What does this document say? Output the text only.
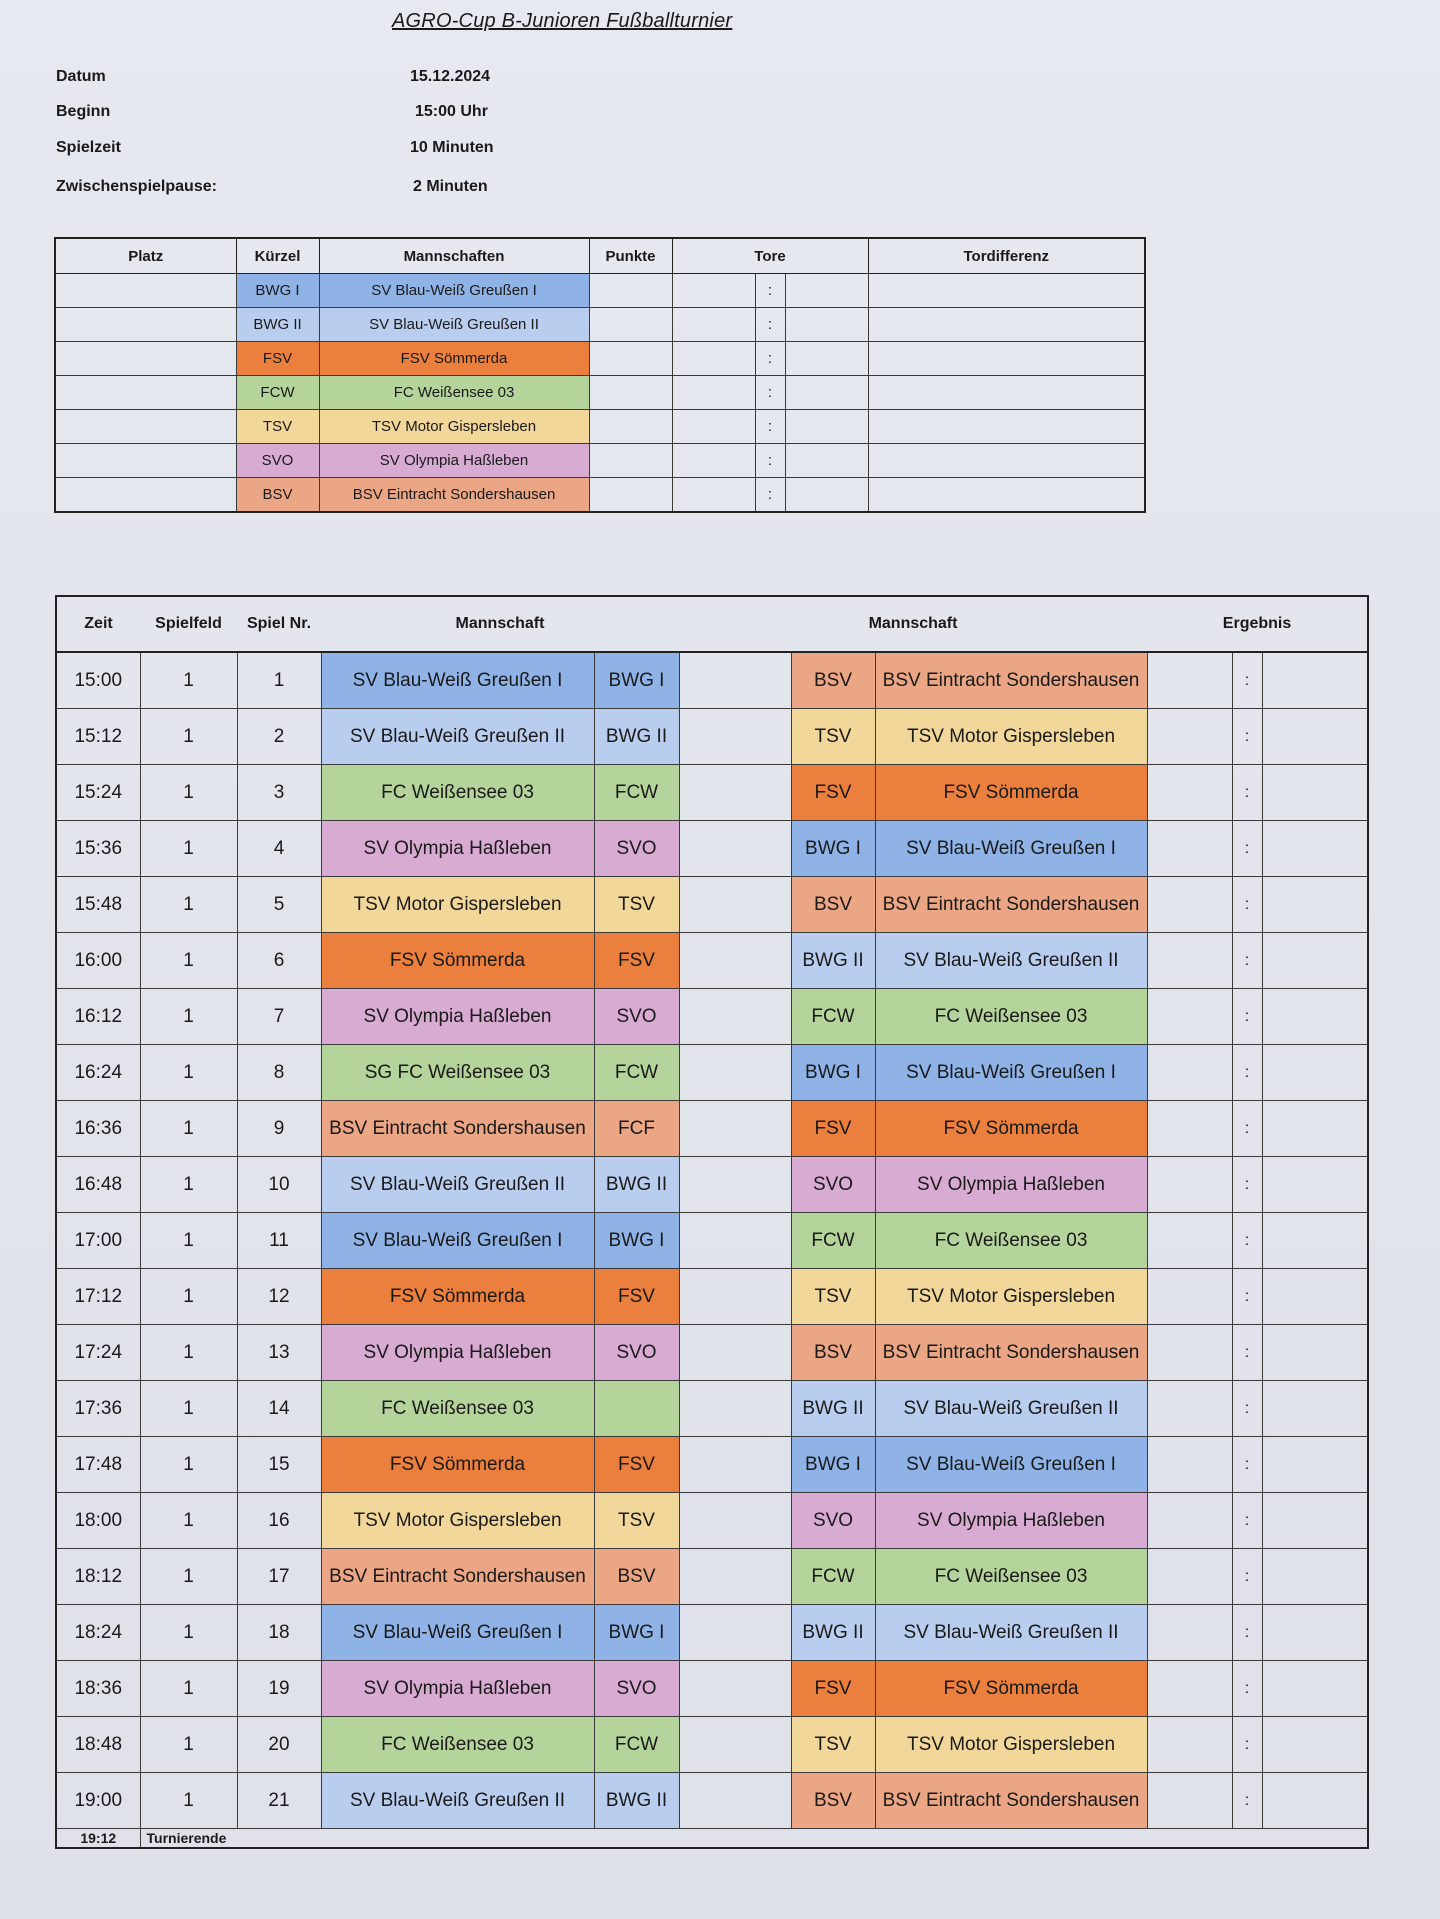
AGRO-Cup B-Junioren Fußballturnier
Datum	15.12.2024
Beginn	15:00 Uhr
Spielzeit	10 Minuten
Zwischenspielpause:	2 Minuten
Platz	Kürzel	Mannschaften	Punkte	Tore			Tordifferenz
	BWG I	SV Blau-Weiß Greußen I			:		
	BWG II	SV Blau-Weiß Greußen II			:		
	FSV	FSV Sömmerda			:		
	FCW	FC Weißensee 03			:		
	TSV	TSV Motor Gispersleben			:		
	SVO	SV Olympia Haßleben			:		
	BSV	BSV Eintracht Sondershausen			:		
Zeit	Spielfeld	Spiel Nr.	Mannschaft		Mannschaft			Ergebnis		
15:00	1	1	SV Blau-Weiß Greußen I	BWG I		BSV	BSV Eintracht Sondershausen		:	
15:12	1	2	SV Blau-Weiß Greußen II	BWG II		TSV	TSV Motor Gispersleben		:	
15:24	1	3	FC Weißensee 03	FCW		FSV	FSV Sömmerda		:	
15:36	1	4	SV Olympia Haßleben	SVO		BWG I	SV Blau-Weiß Greußen I		:	
15:48	1	5	TSV Motor Gispersleben	TSV		BSV	BSV Eintracht Sondershausen		:	
16:00	1	6	FSV Sömmerda	FSV		BWG II	SV Blau-Weiß Greußen II		:	
16:12	1	7	SV Olympia Haßleben	SVO		FCW	FC Weißensee 03		:	
16:24	1	8	SG FC Weißensee 03	FCW		BWG I	SV Blau-Weiß Greußen I		:	
16:36	1	9	BSV Eintracht Sondershausen	FCF		FSV	FSV Sömmerda		:	
16:48	1	10	SV Blau-Weiß Greußen II	BWG II		SVO	SV Olympia Haßleben		:	
17:00	1	11	SV Blau-Weiß Greußen I	BWG I		FCW	FC Weißensee 03		:	
17:12	1	12	FSV Sömmerda	FSV		TSV	TSV Motor Gispersleben		:	
17:24	1	13	SV Olympia Haßleben	SVO		BSV	BSV Eintracht Sondershausen		:	
17:36	1	14	FC Weißensee 03			BWG II	SV Blau-Weiß Greußen II		:	
17:48	1	15	FSV Sömmerda	FSV		BWG I	SV Blau-Weiß Greußen I		:	
18:00	1	16	TSV Motor Gispersleben	TSV		SVO	SV Olympia Haßleben		:	
18:12	1	17	BSV Eintracht Sondershausen	BSV		FCW	FC Weißensee 03		:	
18:24	1	18	SV Blau-Weiß Greußen I	BWG I		BWG II	SV Blau-Weiß Greußen II		:	
18:36	1	19	SV Olympia Haßleben	SVO		FSV	FSV Sömmerda		:	
18:48	1	20	FC Weißensee 03	FCW		TSV	TSV Motor Gispersleben		:	
19:00	1	21	SV Blau-Weiß Greußen II	BWG II		BSV	BSV Eintracht Sondershausen		:	
19:12	Turnierende									
